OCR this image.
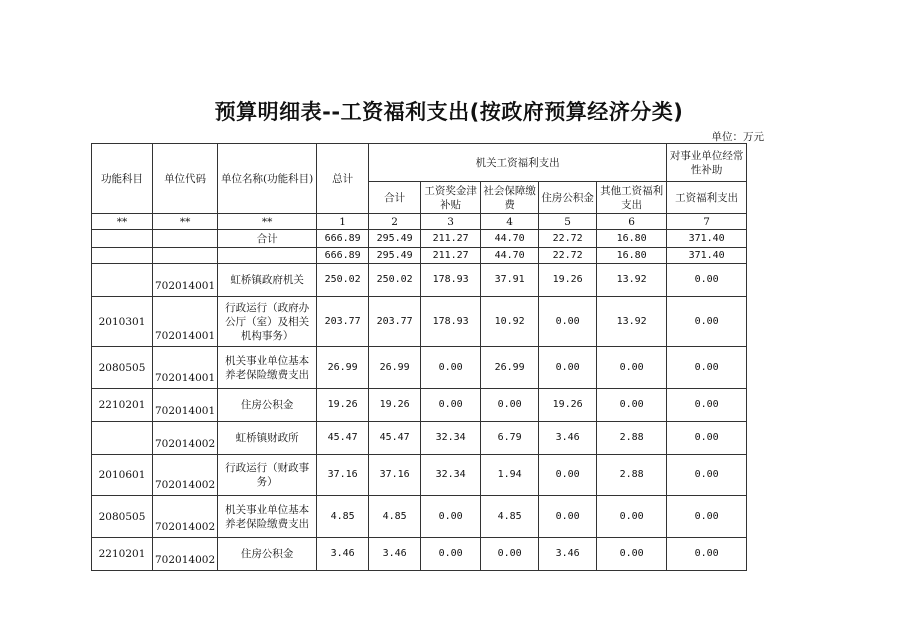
预算明细表--工资福利支出(按政府预算经济分类)
单位：万元
功能科目	单位代码	单位名称(功能科目)	总计	机关工资福利支出					对事业单位经常性补助
				合计	工资奖金津补贴	社会保障缴费	住房公积金	其他工资福利支出	工资福利支出
**	**	**	1	2	3	4	5	6	7
		合计	666.89	295.49	211.27	44.70	22.72	16.80	371.40
			666.89	295.49	211.27	44.70	22.72	16.80	371.40
	702014001	虹桥镇政府机关	250.02	250.02	178.93	37.91	19.26	13.92	0.00
2010301	702014001	行政运行（政府办公厅（室）及相关机构事务）	203.77	203.77	178.93	10.92	0.00	13.92	0.00
2080505	702014001	机关事业单位基本养老保险缴费支出	26.99	26.99	0.00	26.99	0.00	0.00	0.00
2210201	702014001	住房公积金	19.26	19.26	0.00	0.00	19.26	0.00	0.00
	702014002	虹桥镇财政所	45.47	45.47	32.34	6.79	3.46	2.88	0.00
2010601	702014002	行政运行（财政事务）	37.16	37.16	32.34	1.94	0.00	2.88	0.00
2080505	702014002	机关事业单位基本养老保险缴费支出	4.85	4.85	0.00	4.85	0.00	0.00	0.00
2210201	702014002	住房公积金	3.46	3.46	0.00	0.00	3.46	0.00	0.00
